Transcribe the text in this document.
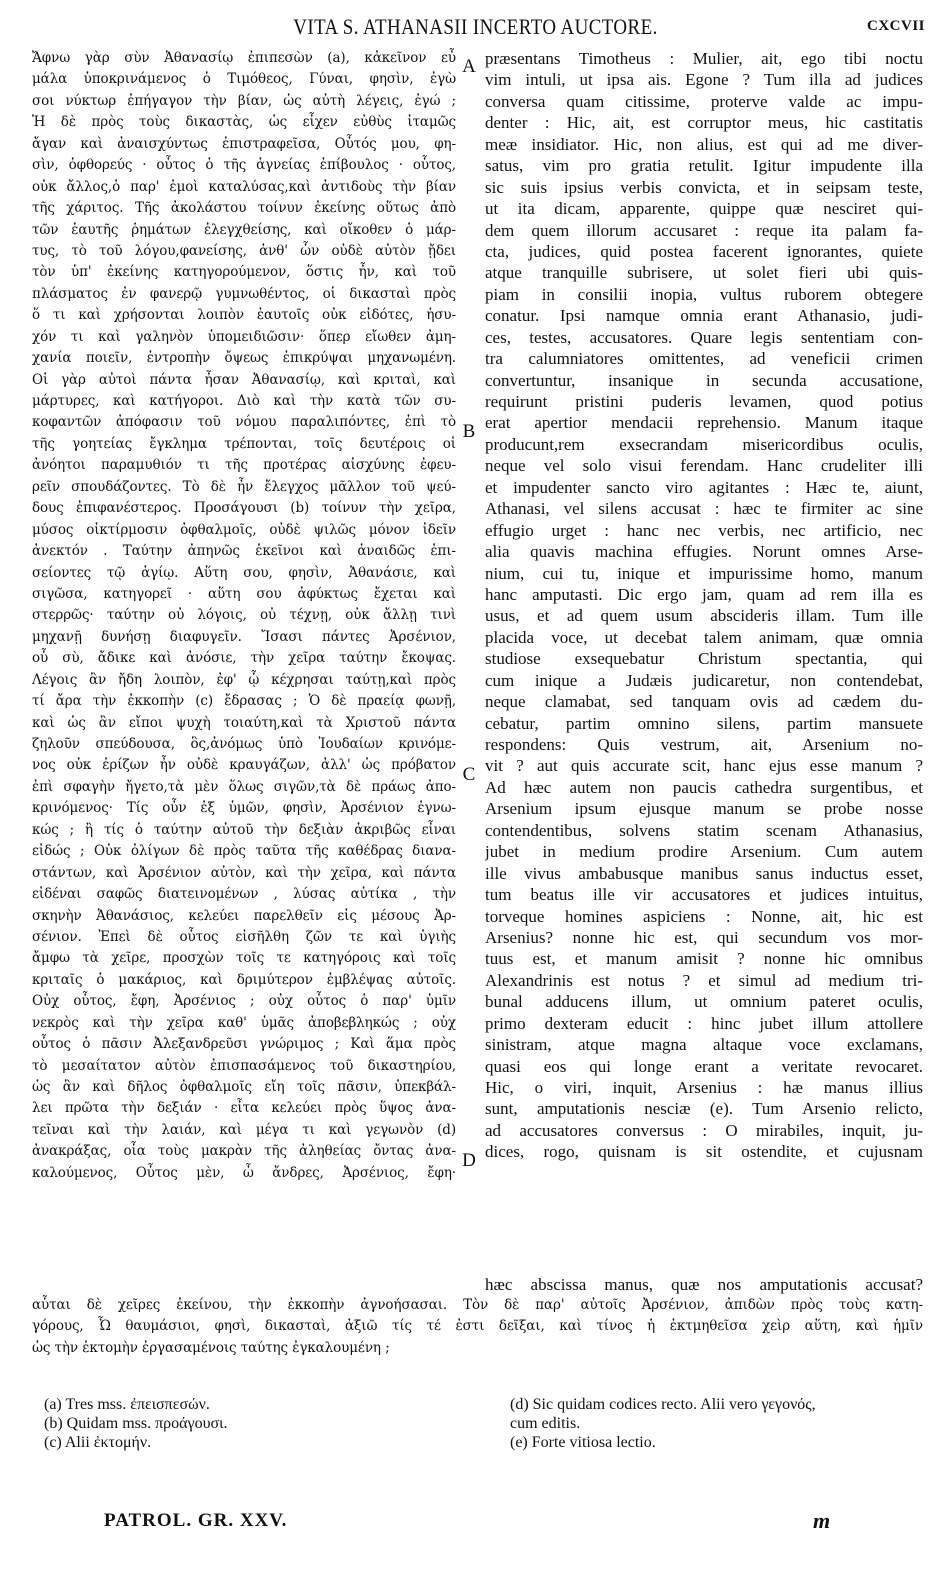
VITA S. ATHANASII INCERTO AUCTORE.	CXCVII
Ἄφνω γὰρ σὺν Ἀθανασίῳ ἐπιπεσὼν (a), κἀκεῖνον εὖ
μάλα ὑποκρινάμενος ὁ Τιμόθεος, Γύναι, φησὶν, ἐγὼ
σοι νύκτωρ ἐπήγαγον τὴν βίαν, ὡς αὐτὴ λέγεις, ἐγώ ;
Ἡ δὲ πρὸς τοὺς δικαστὰς, ὡς εἶχεν εὐθὺς ἰταμῶς
ἄγαν καὶ ἀναισχύντως ἐπιστραφεῖσα, Οὗτός μου, φη-
σὶν, ὀφθορεύς · οὗτος ὁ τῆς ἁγνείας ἐπίβουλος · οὗτος,
οὐκ ἄλλος,ὁ παρ' ἐμοὶ καταλύσας,καὶ ἀντιδοὺς τὴν βίαν
τῆς χάριτος. Τῆς ἀκολάστου τοίνυν ἐκείνης οὕτως ἀπὸ
τῶν ἑαυτῆς ῥημάτων ἐλεγχθείσης, καὶ οἴκοθεν ὁ μάρ-
τυς, τὸ τοῦ λόγου,φανείσης, ἀνθ' ὧν οὐδὲ αὐτὸν ᾔδει
τὸν ὑπ' ἐκείνης κατηγορούμενον, ὅστις ἦν, καὶ τοῦ
πλάσματος ἐν φανερῷ γυμνωθέντος, οἱ δικασταὶ πρὸς
ὅ τι καὶ χρήσονται λοιπὸν ἑαυτοῖς οὐκ εἰδότες, ἡσυ-
χόν τι καὶ γαληνὸν ὑπομειδιῶσιν· ὅπερ εἴωθεν ἀμη-
χανία ποιεῖν, ἐντροπὴν ὄψεως ἐπικρύψαι μηχανωμένη.
Οἱ γὰρ αὐτοὶ πάντα ἦσαν Ἀθανασίῳ, καὶ κριταὶ, καὶ
μάρτυρες, καὶ κατήγοροι. Διὸ καὶ τὴν κατὰ τῶν συ-
κοφαντῶν ἀπόφασιν τοῦ νόμου παραλιπόντες, ἐπὶ τὸ
τῆς γοητείας ἔγκλημα τρέπονται, τοῖς δευτέροις οἱ
ἀνόητοι παραμυθιόν τι τῆς προτέρας αἰσχύνης ἐφευ-
ρεῖν σπουδάζοντες. Τὸ δὲ ἦν ἔλεγχος μᾶλλον τοῦ ψεύ-
δους ἐπιφανέστερος. Προσάγουσι (b) τοίνυν τὴν χεῖρα,
μύσος οἰκτίρμοσιν ὀφθαλμοῖς, οὐδὲ ψιλῶς μόνον ἰδεῖν
ἀνεκτόν . Ταύτην ἀπηνῶς ἐκεῖνοι καὶ ἀναιδῶς ἐπι-
σείοντες τῷ ἁγίῳ. Αὕτη σου, φησὶν, Ἀθανάσιε, καὶ
σιγῶσα, κατηγορεῖ · αὕτη σου ἀφύκτως ἔχεται καὶ
στερρῶς· ταύτην οὐ λόγοις, οὐ τέχνῃ, οὐκ ἄλλῃ τινὶ
μηχανῇ δυνήσῃ διαφυγεῖν. Ἴσασι πάντες Ἀρσένιον,
οὗ σὺ, ἄδικε καὶ ἀνόσιε, τὴν χεῖρα ταύτην ἔκοψας.
Λέγοις ἂν ἤδη λοιπὸν, ἐφ' ᾧ κέχρησαι ταύτῃ,καὶ πρὸς
τί ἄρα τὴν ἐκκοπὴν (c) ἔδρασας ; Ὁ δὲ πραείᾳ φωνῇ,
καὶ ὡς ἂν εἴποι ψυχὴ τοιαύτη,καὶ τὰ Χριστοῦ πάντα
ζηλοῦν σπεύδουσα, ὃς,ἀνόμως ὑπὸ Ἰουδαίων κρινόμε-
νος οὐκ ἐρίζων ἦν οὐδὲ κραυγάζων, ἀλλ' ὡς πρόβατον
ἐπὶ σφαγὴν ἤγετο,τὰ μὲν ὅλως σιγῶν,τὰ δὲ πράως ἀπο-
κρινόμενος· Τίς οὖν ἐξ ὑμῶν, φησὶν, Ἀρσένιον ἐγνω-
κώς ; ἢ τίς ὁ ταύτην αὐτοῦ τὴν δεξιὰν ἀκριβῶς εἶναι
εἰδώς ; Οὐκ ὀλίγων δὲ πρὸς ταῦτα τῆς καθέδρας διανα-
στάντων, καὶ Ἀρσένιον αὐτὸν, καὶ τὴν χεῖρα, καὶ πάντα
εἰδέναι σαφῶς διατεινομένων , λύσας αὐτίκα , τὴν
σκηνὴν Ἀθανάσιος, κελεύει παρελθεῖν εἰς μέσους Ἀρ-
σένιον. Ἐπεὶ δὲ οὗτος εἰσῆλθη ζῶν τε καὶ ὑγιὴς
ἄμφω τὰ χεῖρε, προσχὼν τοῖς τε κατηγόροις καὶ τοῖς
κριταῖς ὁ μακάριος, καὶ δριμύτερον ἐμβλέψας αὐτοῖς.
Οὐχ οὗτος, ἔφη, Ἀρσένιος ; οὐχ οὗτος ὁ παρ' ὑμῖν
νεκρὸς καὶ τὴν χεῖρα καθ' ὑμᾶς ἀποβεβληκώς ; οὐχ
οὗτος ὁ πᾶσιν Ἀλεξανδρεῦσι γνώριμος ; Καὶ ἅμα πρὸς
τὸ μεσαίτατον αὐτὸν ἐπισπασάμενος τοῦ δικαστηρίου,
ὡς ἂν καὶ δῆλος ὀφθαλμοῖς εἴη τοῖς πᾶσιν, ὑπεκβάλ-
λει πρῶτα τὴν δεξιάν · εἶτα κελεύει πρὸς ὕψος ἀνα-
τεῖναι καὶ τὴν λαιάν, καὶ μέγα τι καὶ γεγωνὸν (d)
ἀνακράξας, οἷα τοὺς μακρὰν τῆς ἀληθείας ὄντας ἀνα-
καλούμενος, Οὗτος μὲν, ὦ ἄνδρες, Ἀρσένιος, ἔφη·
præsentans Timotheus : Mulier, ait, ego tibi noctu
vim intuli, ut ipsa ais. Egone ? Tum illa ad judices
conversa quam citissime, proterve valde ac impu-
denter : Hic, ait, est corruptor meus, hic castitatis
meæ insidiator. Hic, non alius, est qui ad me diver-
satus, vim pro gratia retulit. Igitur impudente illa
sic suis ipsius verbis convicta, et in seipsam teste,
ut ita dicam, apparente, quippe quæ nesciret qui-
dem quem illorum accusaret : reque ita palam fa-
cta, judices, quid postea facerent ignorantes, quiete
atque tranquille subrisere, ut solet fieri ubi quis-
piam in consilii inopia, vultus ruborem obtegere
conatur. Ipsi namque omnia erant Athanasio, judi-
ces, testes, accusatores. Quare legis sententiam con-
tra calumniatores omittentes, ad veneficii crimen
convertuntur, insanique in secunda accusatione,
requirunt pristini puderis levamen, quod potius
erat apertior mendacii reprehensio. Manum itaque
producunt,rem exsecrandam misericordibus oculis,
neque vel solo visui ferendam. Hanc crudeliter illi
et impudenter sancto viro agitantes : Hæc te, aiunt,
Athanasi, vel silens accusat : hæc te firmiter ac sine
effugio urget : hanc nec verbis, nec artificio, nec
alia quavis machina effugies. Norunt omnes Arse-
nium, cui tu, inique et impurissime homo, manum
hanc amputasti. Dic ergo jam, quam ad rem illa es
usus, et ad quem usum abscideris illam. Tum ille
placida voce, ut decebat talem animam, quæ omnia
studiose exsequebatur Christum spectantia, qui
cum inique a Judæis judicaretur, non contendebat,
neque clamabat, sed tanquam ovis ad cædem du-
cebatur, partim omnino silens, partim mansuete
respondens: Quis vestrum, ait, Arsenium no-
vit ? aut quis accurate scit, hanc ejus esse manum ?
Ad hæc autem non paucis cathedra surgentibus, et
Arsenium ipsum ejusque manum se probe nosse
contendentibus, solvens statim scenam Athanasius,
jubet in medium prodire Arsenium. Cum autem
ille vivus ambabusque manibus sanus inductus esset,
tum beatus ille vir accusatores et judices intuitus,
torveque homines aspiciens : Nonne, ait, hic est
Arsenius? nonne hic est, qui secundum vos mor-
tuus est, et manum amisit ? nonne hic omnibus
Alexandrinis est notus ? et simul ad medium tri-
bunal adducens illum, ut omnium pateret oculis,
primo dexteram educit : hinc jubet illum attollere
sinistram, atque magna altaque voce exclamans,
quasi eos qui longe erant a veritate revocaret.
Hic, o viri, inquit, Arsenius : hæ manus illius
sunt, amputationis nesciæ (e). Tum Arsenio relicto,
ad accusatores conversus : O mirabiles, inquit, ju-
dices, rogo, quisnam is sit ostendite, et cujusnam
A
B
C
D
hæc abscissa manus, quæ nos amputationis accusat?
αὗται δὲ χεῖρες ἐκείνου, τὴν ἐκκοπὴν ἀγνοήσασαι. Τὸν δὲ παρ' αὐτοῖς Ἀρσένιον, ἀπιδὼν πρὸς τοὺς κατη-
γόρους, Ὦ θαυμάσιοι, φησὶ, δικασταὶ, ἀξιῶ τίς τέ ἐστι δεῖξαι, καὶ τίνος ἡ ἐκτμηθεῖσα χεὶρ αὕτη, καὶ ἡμῖν
ὡς τὴν ἐκτομὴν ἐργασαμένοις ταύτης ἐγκαλουμένη ;
(a) Tres mss. ἐπεισπεσών.
(b) Quidam mss. προάγουσι.
(c) Alii ἐκτομήν.
(d) Sic quidam codices recto. Alii vero γεγονός,
cum editis.
(e) Forte vitiosa lectio.
PATROL. GR. XXV.	m
